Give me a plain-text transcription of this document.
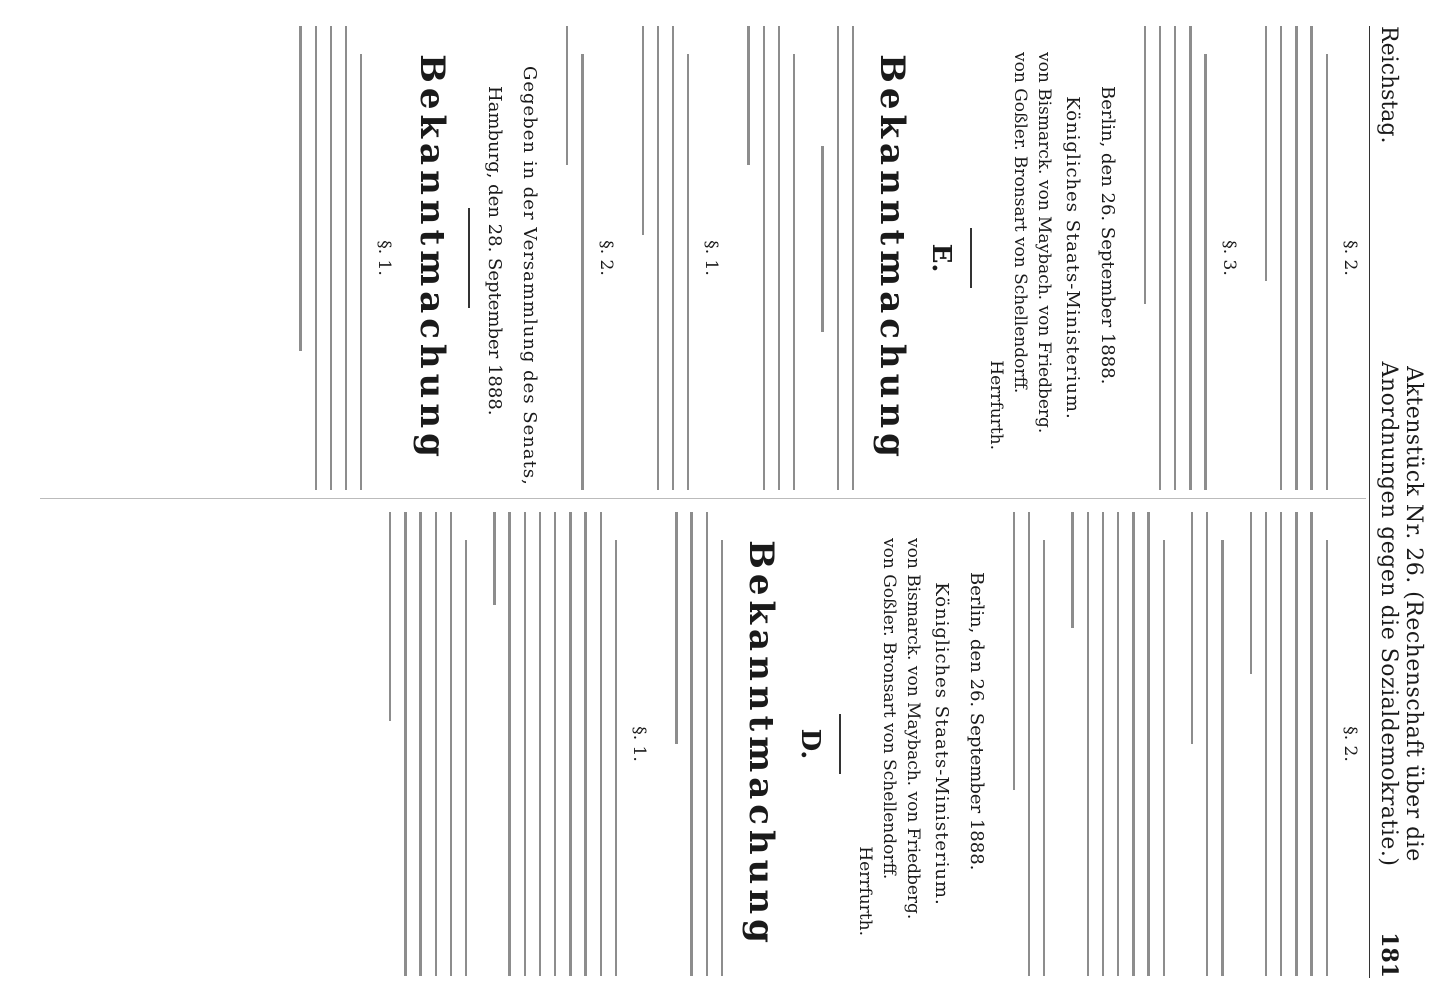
Reichstag.
Aktenstück Nr. 26. (Rechenschaft über die Anordnungen gegen die Sozialdemokratie.)
181
§. 2.
§. 3.
Berlin, den 26. September 1888.
Königliches Staats-Ministerium.
von Bismarck. von Maybach. von Friedberg.
von Goßler. Bronsart von Schellendorff.
Herrfurth.
E.
Bekanntmachung
§. 1.
§. 2.
Gegeben in der Versammlung des Senats,
Hamburg, den 28. September 1888.
Bekanntmachung
§. 1.
§. 2.
Berlin, den 26. September 1888.
Königliches Staats-Ministerium.
von Bismarck. von Maybach. von Friedberg.
von Goßler. Bronsart von Schellendorff.
Herrfurth.
D.
Bekanntmachung
§. 1.
